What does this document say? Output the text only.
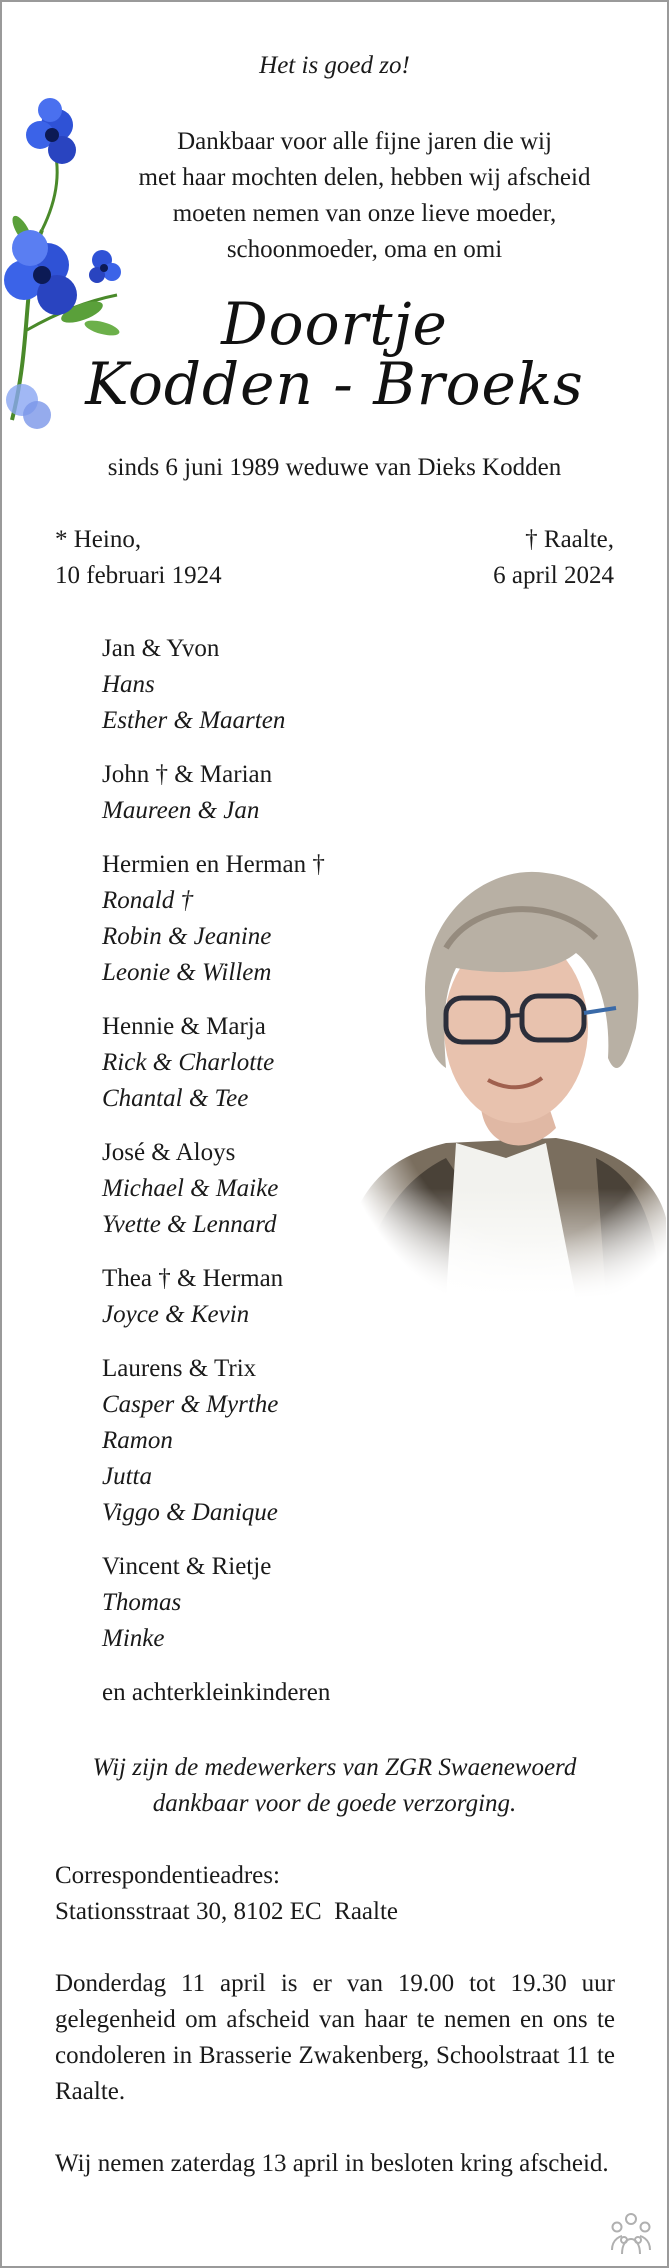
Het is goed zo!
Dankbaar voor alle fijne jaren die wij
met haar mochten delen, hebben wij afscheid
moeten nemen van onze lieve moeder,
schoonmoeder, oma en omi
Doortje
Kodden - Broeks
sinds 6 juni 1989 weduwe van Dieks Kodden
* Heino,
10 februari 1924
† Raalte,
6 april 2024
Jan & Yvon
Hans
Esther & Maarten
John † & Marian
Maureen & Jan
Hermien en Herman †
Ronald †
Robin & Jeanine
Leonie & Willem
Hennie & Marja
Rick & Charlotte
Chantal & Tee
José & Aloys
Michael & Maike
Yvette & Lennard
Thea † & Herman
Joyce & Kevin
Laurens & Trix
Casper & Myrthe
Ramon
Jutta
Viggo & Danique
Vincent & Rietje
Thomas
Minke
en achterkleinkinderen
Wij zijn de medewerkers van ZGR Swaenewoerd
dankbaar voor de goede verzorging.
Correspondentieadres:
Stationsstraat 30, 8102 EC  Raalte
Donderdag 11 april is er van 19.00 tot 19.30 uur gelegenheid om afscheid van haar te nemen en ons te condoleren in Brasserie Zwakenberg, Schoolstraat 11 te Raalte.
Wij nemen zaterdag 13 april in besloten kring afscheid.
